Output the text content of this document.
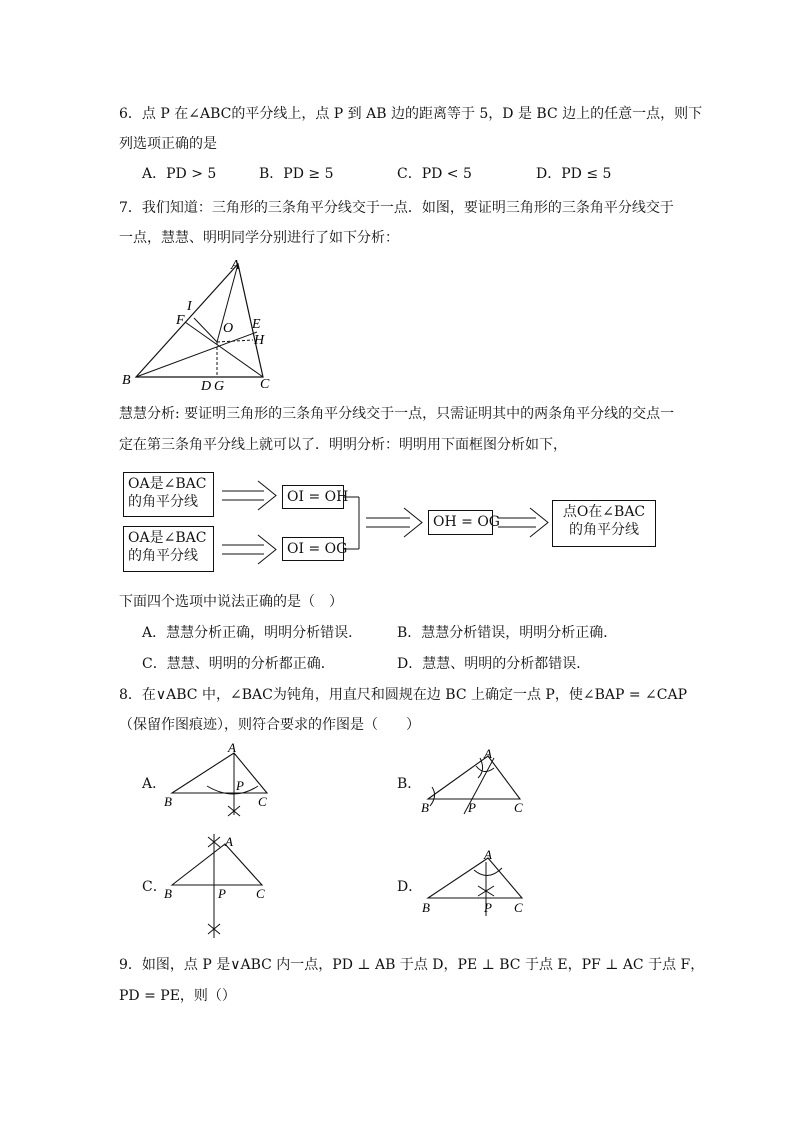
6．点 P 在∠ABC的平分线上，点 P 到 AB 边的距离等于 5，D 是 BC 边上的任意一点，则下
列选项正确的是
A．PD > 5	B．PD ≥ 5	C．PD < 5	D．PD ≤ 5
7．我们知道：三角形的三条角平分线交于一点．如图，要证明三角形的三条角平分线交于
一点，慧慧、明明同学分别进行了如下分析：
A
B	C
D G
E
H
F
I
O
慧慧分析: 要证明三角形的三条角平分线交于一点，只需证明其中的两条角平分线的交点一
定在第三条角平分线上就可以了．明明分析：明明用下面框图分析如下，
OA是∠BAC
的角平分线
OA是∠BAC
的角平分线
OI = OH
OI = OG
OH = OG
点O在∠BAC
的角平分线
下面四个选项中说法正确的是（　）
A．慧慧分析正确，明明分析错误． B．慧慧分析错误，明明分析正确．
C．慧慧、明明的分析都正确．	D．慧慧、明明的分析都错误．
8．在∨ABC 中，∠BAC为钝角，用直尺和圆规在边 BC 上确定一点 P，使∠BAP = ∠CAP
（保留作图痕迹），则符合要求的作图是（　　）
A．
A
B	C
P	B．
A
B	C
P
C．
A
B	C
P	D．
A
B	C
P
9．如图，点 P 是∨ABC 内一点，PD ⊥ AB 于点 D，PE ⊥ BC 于点 E，PF ⊥ AC 于点 F，
PD = PE，则（）
